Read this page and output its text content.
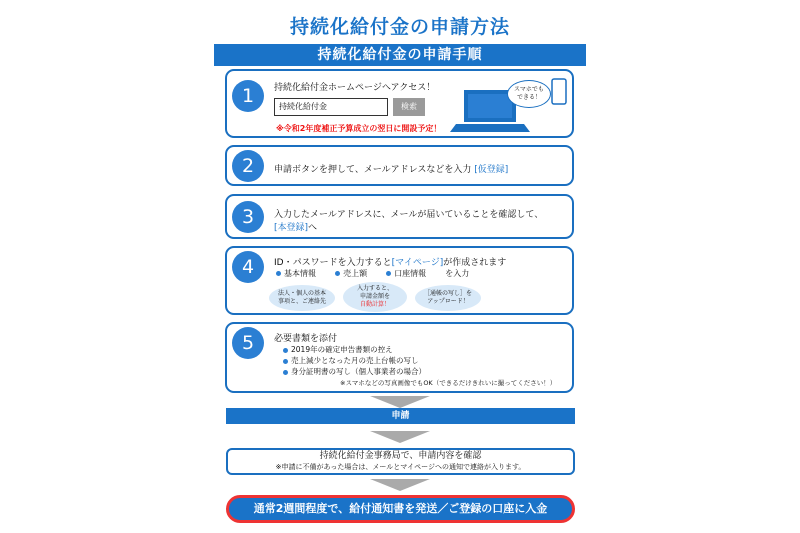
持続化給付金の申請方法
持続化給付金の申請手順
1	持続化給付金ホームページへアクセス！
持続化給付金	検索
※令和2年度補正予算成立の翌日に開設予定！
スマホでも
できる！
2	申請ボタンを押して、メールアドレスなどを入力 [仮登録]
3	入力したメールアドレスに、メールが届いていることを確認して、
[本登録]へ
4	ID・パスワードを入力すると[マイページ]が作成されます
基本情報	売上額	口座情報 を入力
法人・個人の基本
事項と、ご連絡先
入力すると、
申請金額を
自動計算！
［通帳の写し］を
アップロード！
5	必要書類を添付
2019年の確定申告書類の控え
売上減少となった月の売上台帳の写し
身分証明書の写し（個人事業者の場合）
※スマホなどの写真画像でもOK（できるだけきれいに撮ってください！）
申請
持続化給付金事務局で、申請内容を確認
※申請に不備があった場合は、メールとマイページへの通知で連絡が入ります。
通常2週間程度で、給付通知書を発送／ご登録の口座に入金
